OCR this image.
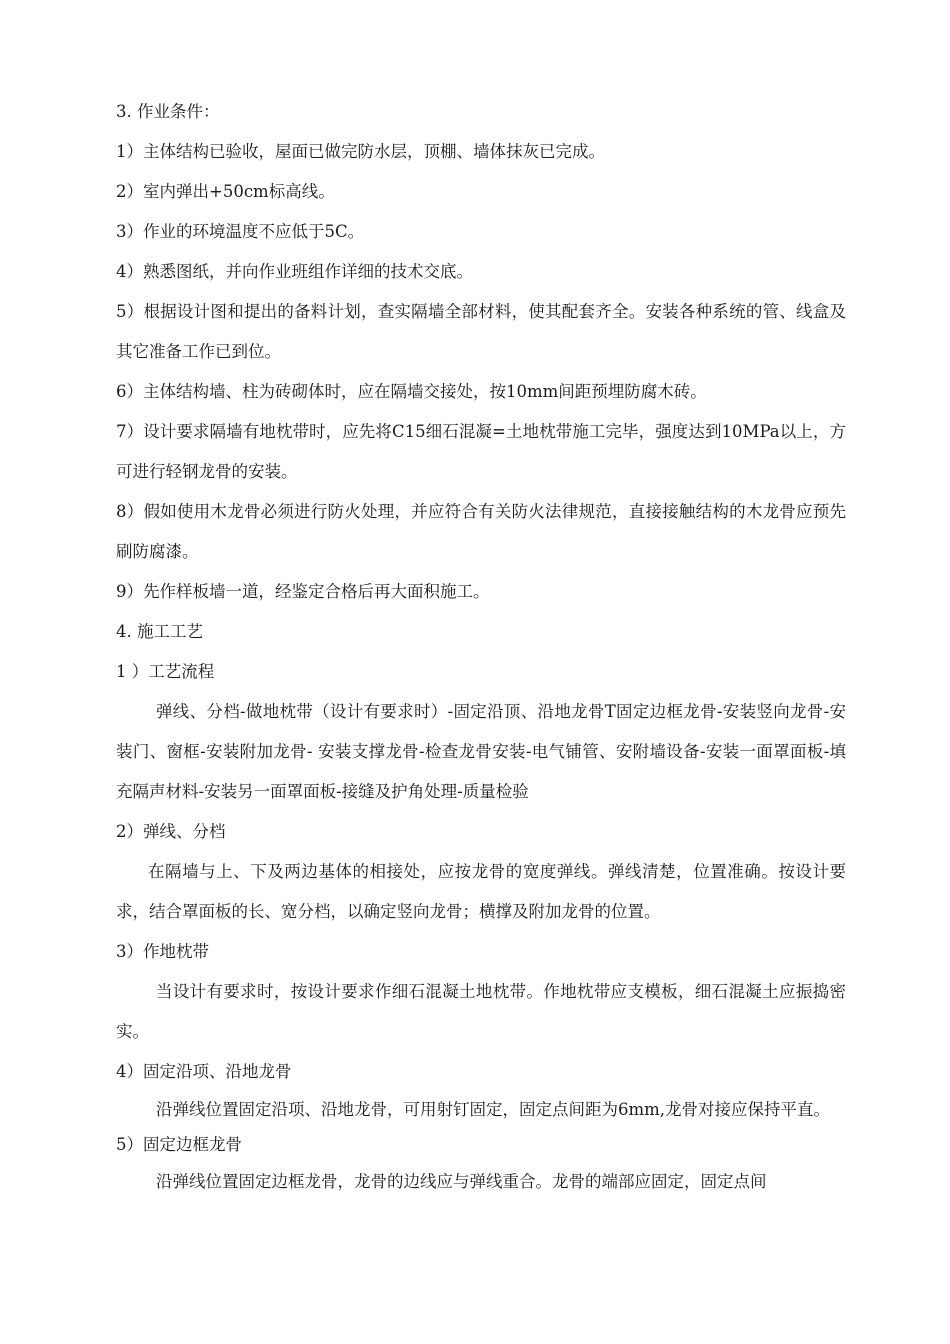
3. 作业条件：

1）主体结构已验收，屋面已做完防水层，顶棚、墙体抹灰已完成。

2）室内弹出+50cm标高线。

3）作业的环境温度不应低于5C。

4）熟悉图纸，并向作业班组作详细的技术交底。

5）根据设计图和提出的备料计划，查实隔墙全部材料，使其配套齐全。安装各种系统的管、线盒及其它准备工作已到位。

6）主体结构墙、柱为砖砌体时，应在隔墙交接处，按10mm间距预埋防腐木砖。

7）设计要求隔墙有地枕带时，应先将C15细石混凝=土地枕带施工完毕，强度达到10MPa以上，方可进行轻钢龙骨的安装。

8）假如使用木龙骨必须进行防火处理，并应符合有关防火法律规范，直接接触结构的木龙骨应预先刷防腐漆。

9）先作样板墙一道，经鉴定合格后再大面积施工。

4. 施工工艺

1 ）工艺流程

弹线、分档-做地枕带（设计有要求时）-固定沿顶、沿地龙骨T固定边框龙骨-安装竖向龙骨-安装门、窗框-安装附加龙骨- 安装支撑龙骨-检查龙骨安装-电气铺管、安附墙设备-安装一面罩面板-填充隔声材料-安装另一面罩面板-接缝及护角处理-质量检验

2）弹线、分档

在隔墙与上、下及两边基体的相接处，应按龙骨的宽度弹线。弹线清楚，位置准确。按设计要求，结合罩面板的长、宽分档，以确定竖向龙骨；横撑及附加龙骨的位置。

3）作地枕带

当设计有要求时，按设计要求作细石混凝土地枕带。作地枕带应支模板，细石混凝土应振捣密实。

4）固定沿项、沿地龙骨

沿弹线位置固定沿项、沿地龙骨，可用射钉固定，固定点间距为6mm,龙骨对接应保持平直。

5）固定边框龙骨

沿弹线位置固定边框龙骨，龙骨的边线应与弹线重合。龙骨的端部应固定，固定点间
